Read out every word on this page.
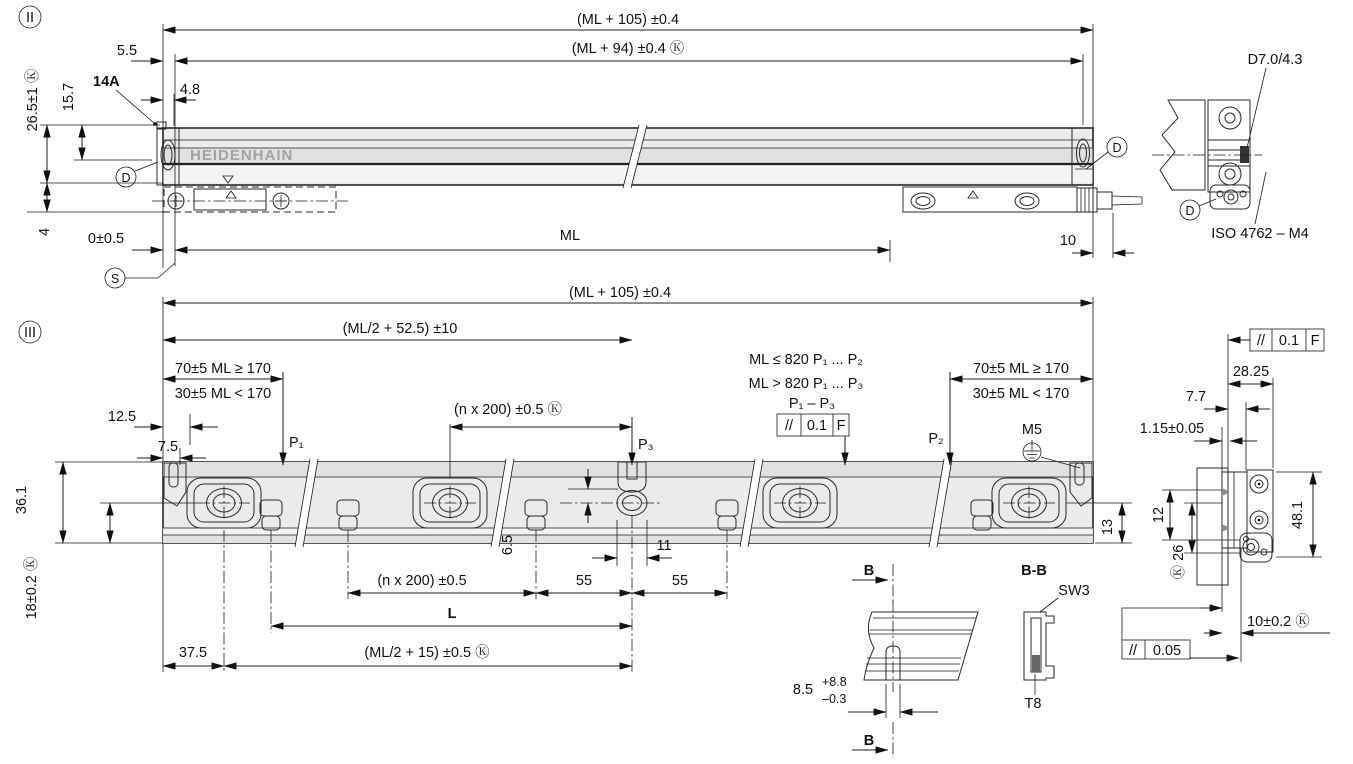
II
HEIDENHAIN
(ML + 105) ±0.4
(ML + 94) ±0.4 Ⓚ
5.5
26.5±1 Ⓚ 15.7
14A	4.8
4 0±0.5	ML	10
D
D
S
D7.0/4.3
ISO 4762 – M4
D
III
(ML + 105) ±0.4
(ML/2 + 52.5) ±10
70±5 ML ≥ 170
30±5 ML < 170
P₁
70±5 ML ≥ 170
30±5 ML < 170
P₂
(n x 200) ±0.5 Ⓚ
P₃
12.5
7.5
ML ≤ 820 P₁ ... P₂
ML > 820 P₁ ... P₃
P₁ – P₃
// 0.1 F	M5
36.1
18±0.2 Ⓚ
13
6.5	11
(n x 200) ±0.5	55	55
L
37.5	(ML/2 + 15) ±0.5 Ⓚ
B
8.5 +8.8
–0.3
B
B-B
SW3
T8
// 0.1 F
28.25
7.7
1.15±0.05
12
Ⓚ 26
48.1
10±0.2 Ⓚ
// 0.05
